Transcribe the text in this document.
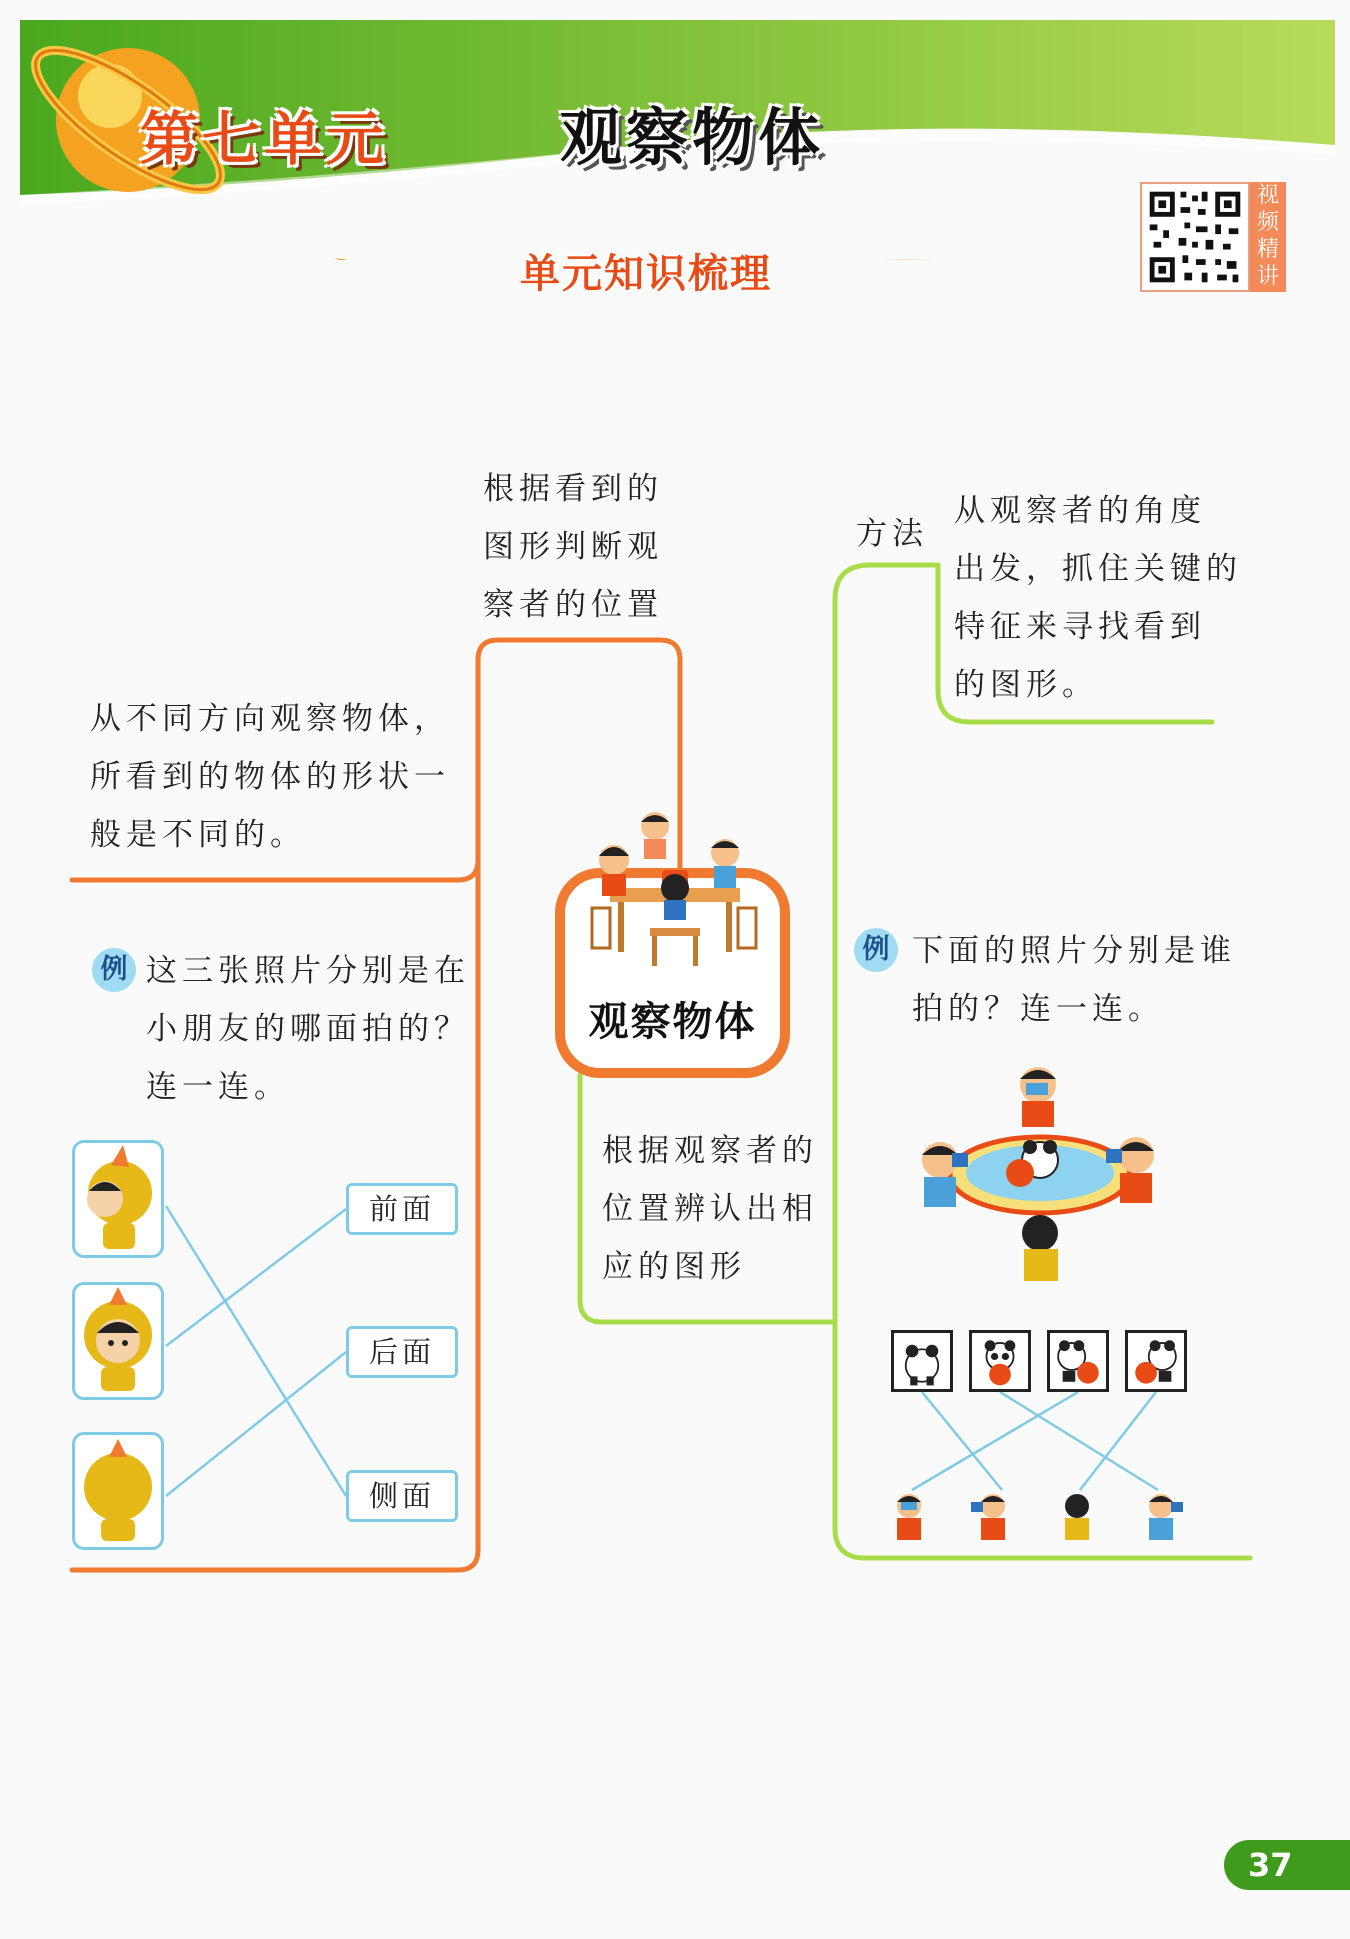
第七单元	观察物体
单元知识梳理
视频精讲
根据看到的
图形判断观
察者的位置
从不同方向观察物体，
所看到的物体的形状一
般是不同的。
方法
从观察者的角度
出发，抓住关键的
特征来寻找看到
的图形。
观察物体
根据观察者的
位置辨认出相
应的图形
例 这三张照片分别是在
小朋友的哪面拍的？
连一连。
前面
后面
侧面
例 下面的照片分别是谁
拍的？连一连。
37
